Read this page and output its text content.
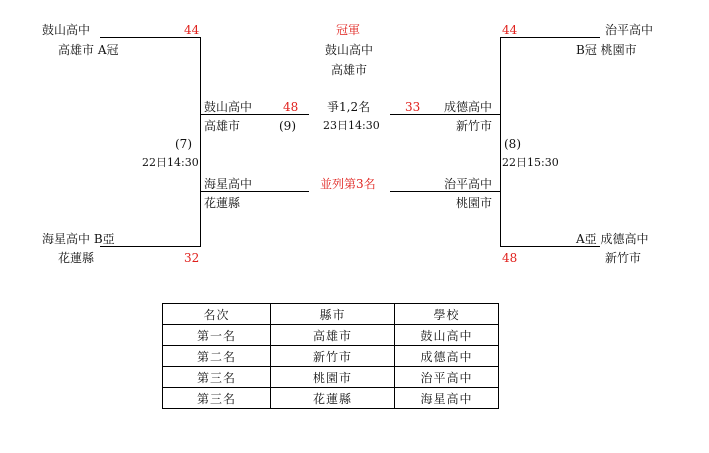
鼓山高中
高雄市 A冠
44
海星高中 B亞
花蓮縣	32
治平高中
B冠 桃園市
44
A亞 成德高中
新竹市
48
(7)
22日14:30
(8)
22日15:30
鼓山高中
高雄市
48
海星高中
花蓮縣
成德高中
新竹市
33
治平高中
桃園市
冠軍
鼓山高中
高雄市
爭1,2名
(9) 23日14:30
並列第3名
名次	縣市	學校
第一名	高雄市	鼓山高中
第二名	新竹市	成德高中
第三名	桃園市	治平高中
第三名	花蓮縣	海星高中
